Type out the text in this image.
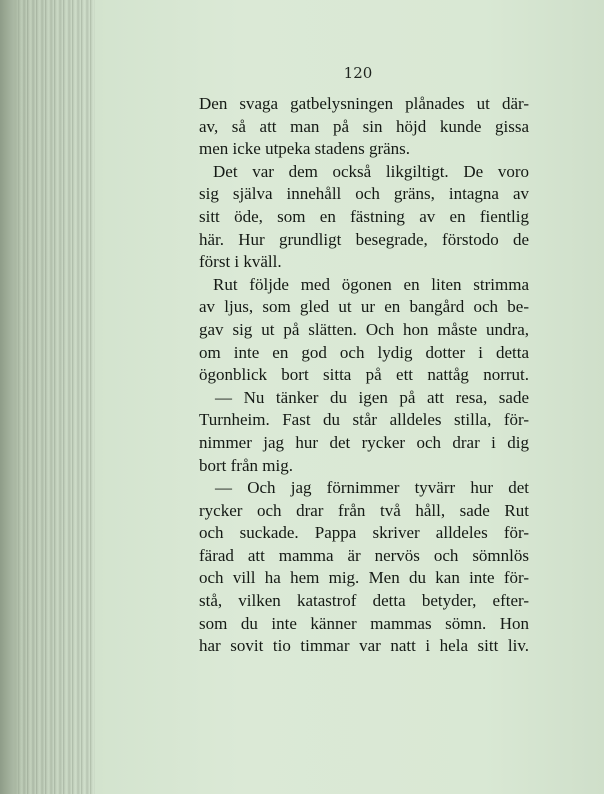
120
Den svaga gatbelysningen plånades ut där-
av, så att man på sin höjd kunde gissa
men icke utpeka stadens gräns.
Det var dem också likgiltigt. De voro
sig själva innehåll och gräns, intagna av
sitt öde, som en fästning av en fientlig
här. Hur grundligt besegrade, förstodo de
först i kväll.
Rut följde med ögonen en liten strimma
av ljus, som gled ut ur en bangård och be-
gav sig ut på slätten. Och hon måste undra,
om inte en god och lydig dotter i detta
ögonblick bort sitta på ett nattåg norrut.
— Nu tänker du igen på att resa, sade
Turnheim. Fast du står alldeles stilla, för-
nimmer jag hur det rycker och drar i dig
bort från mig.
— Och jag förnimmer tyvärr hur det
rycker och drar från två håll, sade Rut
och suckade. Pappa skriver alldeles för-
färad att mamma är nervös och sömnlös
och vill ha hem mig. Men du kan inte för-
stå, vilken katastrof detta betyder, efter-
som du inte känner mammas sömn. Hon
har sovit tio timmar var natt i hela sitt liv.
